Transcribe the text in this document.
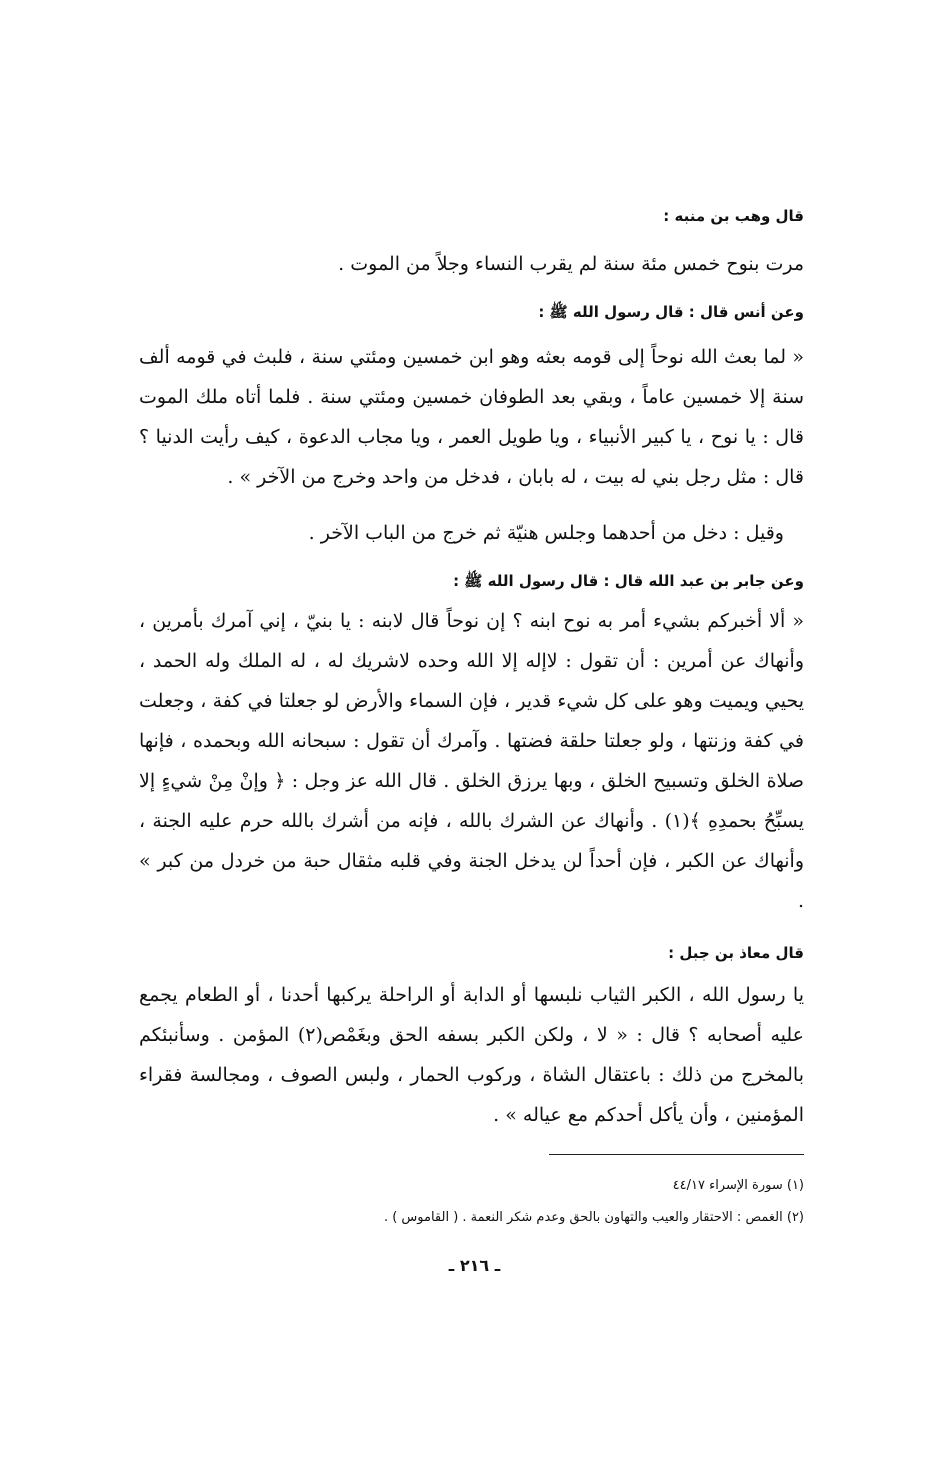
قال وهب بن منبه :
مرت بنوح خمس مئة سنة لم يقرب النساء وجلاً من الموت .
وعن أنس قال : قال رسول الله ﷺ :
« لما بعث الله نوحاً إلى قومه بعثه وهو ابن خمسين ومئتي سنة ، فلبث في قومه ألف سنة إلا خمسين عاماً ، وبقي بعد الطوفان خمسين ومئتي سنة . فلما أتاه ملك الموت قال : يا نوح ، يا كبير الأنبياء ، ويا طويل العمر ، ويا مجاب الدعوة ، كيف رأيت الدنيا ؟ قال : مثل رجل بني له بيت ، له بابان ، فدخل من واحد وخرج من الآخر » .
وقيل : دخل من أحدهما وجلس هنيّة ثم خرج من الباب الآخر .
وعن جابر بن عبد الله قال : قال رسول الله ﷺ :
« ألا أخبركم بشيء أمر به نوح ابنه ؟ إن نوحاً قال لابنه : يا بنيّ ، إني آمرك بأمرين ، وأنهاك عن أمرين : أن تقول : لاإله إلا الله وحده لاشريك له ، له الملك وله الحمد ، يحيي ويميت وهو على كل شيء قدير ، فإن السماء والأرض لو جعلتا في كفة ، وجعلت في كفة وزنتها ، ولو جعلتا حلقة فضتها . وآمرك أن تقول : سبحانه الله وبحمده ، فإنها صلاة الخلق وتسبيح الخلق ، وبها يرزق الخلق . قال الله عز وجل : ﴿ وإنْ مِنْ شيءٍ إلا يسبِّحُ بحمدِهِ ﴾(١) . وأنهاك عن الشرك بالله ، فإنه من أشرك بالله حرم عليه الجنة ، وأنهاك عن الكبر ، فإن أحداً لن يدخل الجنة وفي قلبه مثقال حبة من خردل من كبر » .
قال معاذ بن جبل :
يا رسول الله ، الكبر الثياب نلبسها أو الدابة أو الراحلة يركبها أحدنا ، أو الطعام يجمع عليه أصحابه ؟ قال : « لا ، ولكن الكبر بسفه الحق وبغَمْص(٢) المؤمن . وسأنبئكم بالمخرج من ذلك : باعتقال الشاة ، وركوب الحمار ، ولبس الصوف ، ومجالسة فقراء المؤمنين ، وأن يأكل أحدكم مع عياله » .
(١) سورة الإسراء ٤٤/١٧
(٢) الغمص : الاحتقار والعيب والتهاون بالحق وعدم شكر النعمة . ( القاموس ) .
ـ ٢١٦ ـ
